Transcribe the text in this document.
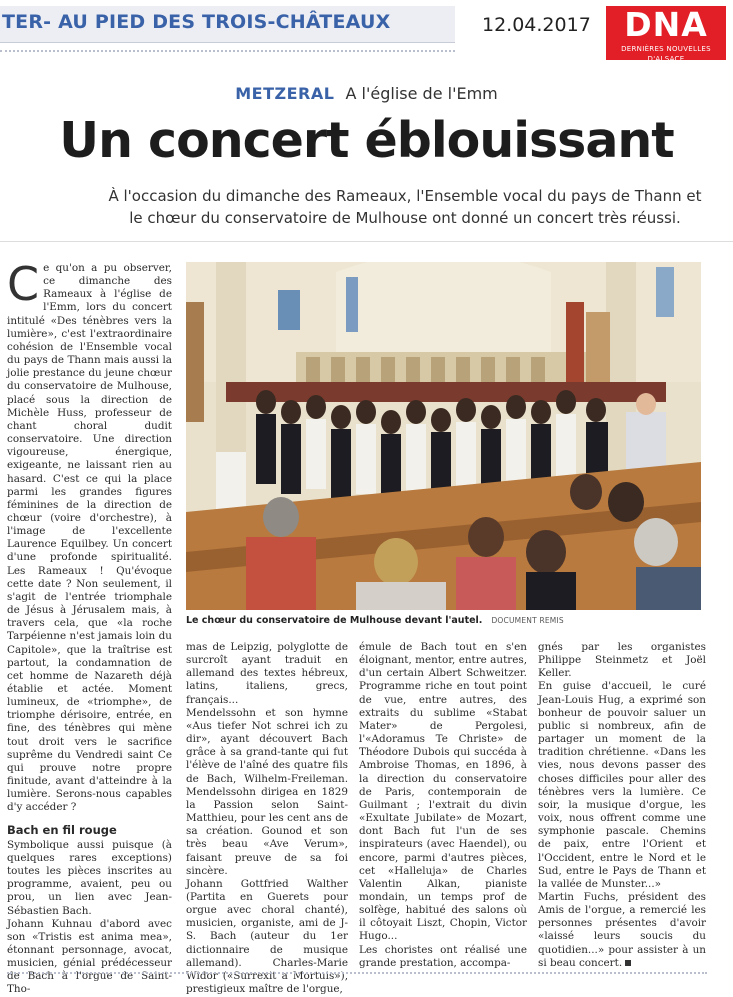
TER- AU PIED DES TROIS-CHÂTEAUX	12.04.2017	DNA
DERNIÈRES NOUVELLES D'ALSACE
METZERAL A l'église de l'Emm
Un concert éblouissant
À l'occasion du dimanche des Rameaux, l'Ensemble vocal du pays de Thann et le chœur du conservatoire de Mulhouse ont donné un concert très réussi.

Ce qu'on a pu observer, ce dimanche des Rameaux à l'église de l'Emm, lors du concert intitulé «Des ténèbres vers la lumière», c'est l'extraordinaire cohésion de l'Ensemble vocal du pays de Thann mais aussi la jolie prestance du jeune chœur du conservatoire de Mulhouse, placé sous la direction de Michèle Huss, professeur de chant choral dudit conservatoire. Une direction vigoureuse, énergique, exigeante, ne laissant rien au hasard. C'est ce qui la place parmi les grandes figures féminines de la direction de chœur (voire d'orchestre), à l'image de l'excellente Laurence Equilbey. Un concert d'une profonde spiritualité. Les Rameaux ! Qu'évoque cette date ? Non seulement, il s'agit de l'entrée triomphale de Jésus à Jérusalem mais, à travers cela, que «la roche Tarpéienne n'est jamais loin du Capitole», que la traîtrise est partout, la condamnation de cet homme de Nazareth déjà établie et actée. Moment lumineux, de «triomphe», de triomphe dérisoire, entrée, en fine, des ténèbres qui mène tout droit vers le sacrifice suprême du Vendredi saint Ce qui prouve notre propre finitude, avant d'atteindre à la lumière. Serons-nous capables d'y accéder ?

Bach en fil rouge

Symbolique aussi puisque (à quelques rares exceptions) toutes les pièces inscrites au programme, avaient, peu ou prou, un lien avec Jean-Sébastien Bach.

Johann Kuhnau d'abord avec son «Tristis est anima mea», étonnant personnage, avocat, musicien, génial prédécesseur de Bach à l'orgue de Saint-Tho-

Le chœur du conservatoire de Mulhouse devant l'autel. DOCUMENT REMIS

mas de Leipzig, polyglotte de surcroît ayant traduit en allemand des textes hébreux, latins, italiens, grecs, français...

Mendelssohn et son hymne «Aus tiefer Not schrei ich zu dir», ayant découvert Bach grâce à sa grand-tante qui fut l'élève de l'aîné des quatre fils de Bach, Wilhelm-Freileman. Mendelssohn dirigea en 1829 la Passion selon Saint-Matthieu, pour les cent ans de sa création. Gounod et son très beau «Ave Verum», faisant preuve de sa foi sincère.

Johann Gottfried Walther (Partita en Guerets pour orgue avec choral chanté), musicien, organiste, ami de J-S. Bach (auteur du 1er dictionnaire de musique allemand). Charles-Marie Widor («Surrexit a Mortuis»), prestigieux maître de l'orgue,

émule de Bach tout en s'en éloignant, mentor, entre autres, d'un certain Albert Schweitzer. Programme riche en tout point de vue, entre autres, des extraits du sublime «Stabat Mater» de Pergolesi, l'«Adoramus Te Christe» de Théodore Dubois qui succéda à Ambroise Thomas, en 1896, à la direction du conservatoire de Paris, contemporain de Guilmant ; l'extrait du divin «Exultate Jubilate» de Mozart, dont Bach fut l'un de ses inspirateurs (avec Haendel), ou encore, parmi d'autres pièces, cet «Halleluja» de Charles Valentin Alkan, pianiste mondain, un temps prof de solfège, habitué des salons où il côtoyait Liszt, Chopin, Victor Hugo...

Les choristes ont réalisé une grande prestation, accompa-

gnés par les organistes Philippe Steinmetz et Joël Keller.

En guise d'accueil, le curé Jean-Louis Hug, a exprimé son bonheur de pouvoir saluer un public si nombreux, afin de partager un moment de la tradition chrétienne. «Dans les vies, nous devons passer des choses difficiles pour aller des ténèbres vers la lumière. Ce soir, la musique d'orgue, les voix, nous offrent comme une symphonie pascale. Chemins de paix, entre l'Orient et l'Occident, entre le Nord et le Sud, entre le Pays de Thann et la vallée de Munster...»

Martin Fuchs, président des Amis de l'orgue, a remercié les personnes présentes d'avoir «laissé leurs soucis du quotidien...» pour assister à un si beau concert.
